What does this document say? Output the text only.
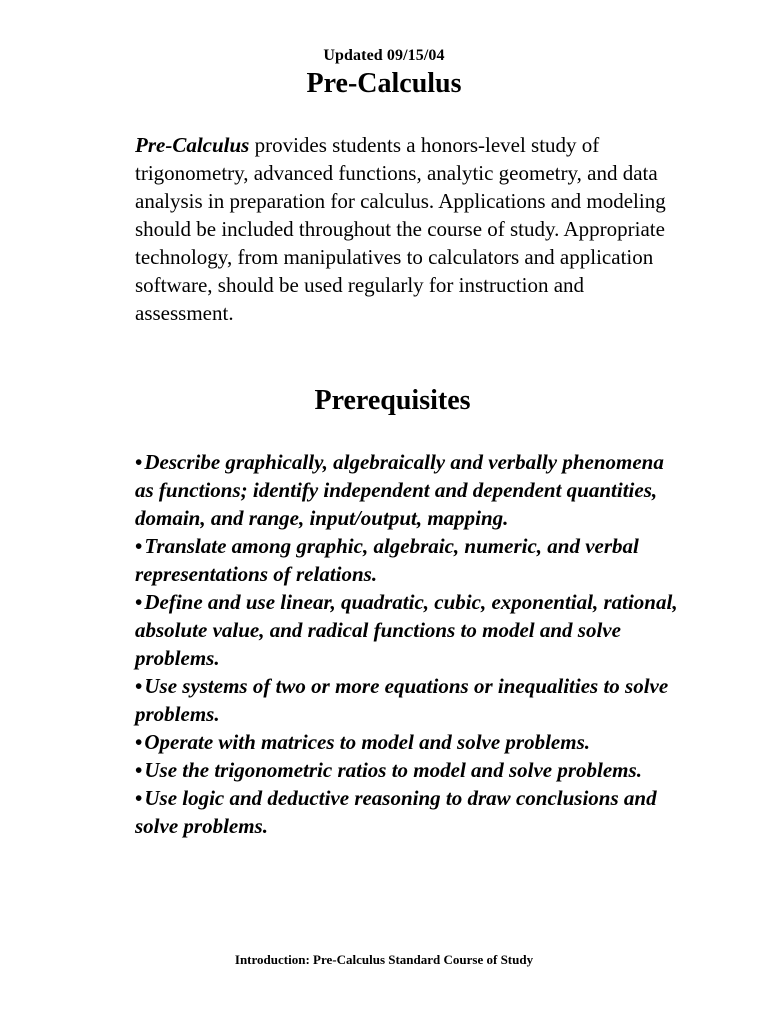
Updated 09/15/04
Pre-Calculus

Pre-Calculus provides students a honors-level study of trigonometry, advanced functions, analytic geometry, and data analysis in preparation for calculus. Applications and modeling should be included throughout the course of study. Appropriate technology, from manipulatives to calculators and application software, should be used regularly for instruction and assessment.

Prerequisites
•Describe graphically, algebraically and verbally phenomena as functions; identify independent and dependent quantities, domain, and range, input/output, mapping.
•Translate among graphic, algebraic, numeric, and verbal representations of relations.
•Define and use linear, quadratic, cubic, exponential, rational, absolute value, and radical functions to model and solve problems.
•Use systems of two or more equations or inequalities to solve problems.
•Operate with matrices to model and solve problems.
•Use the trigonometric ratios to model and solve problems.
•Use logic and deductive reasoning to draw conclusions and solve problems.
Introduction: Pre-Calculus Standard Course of Study
